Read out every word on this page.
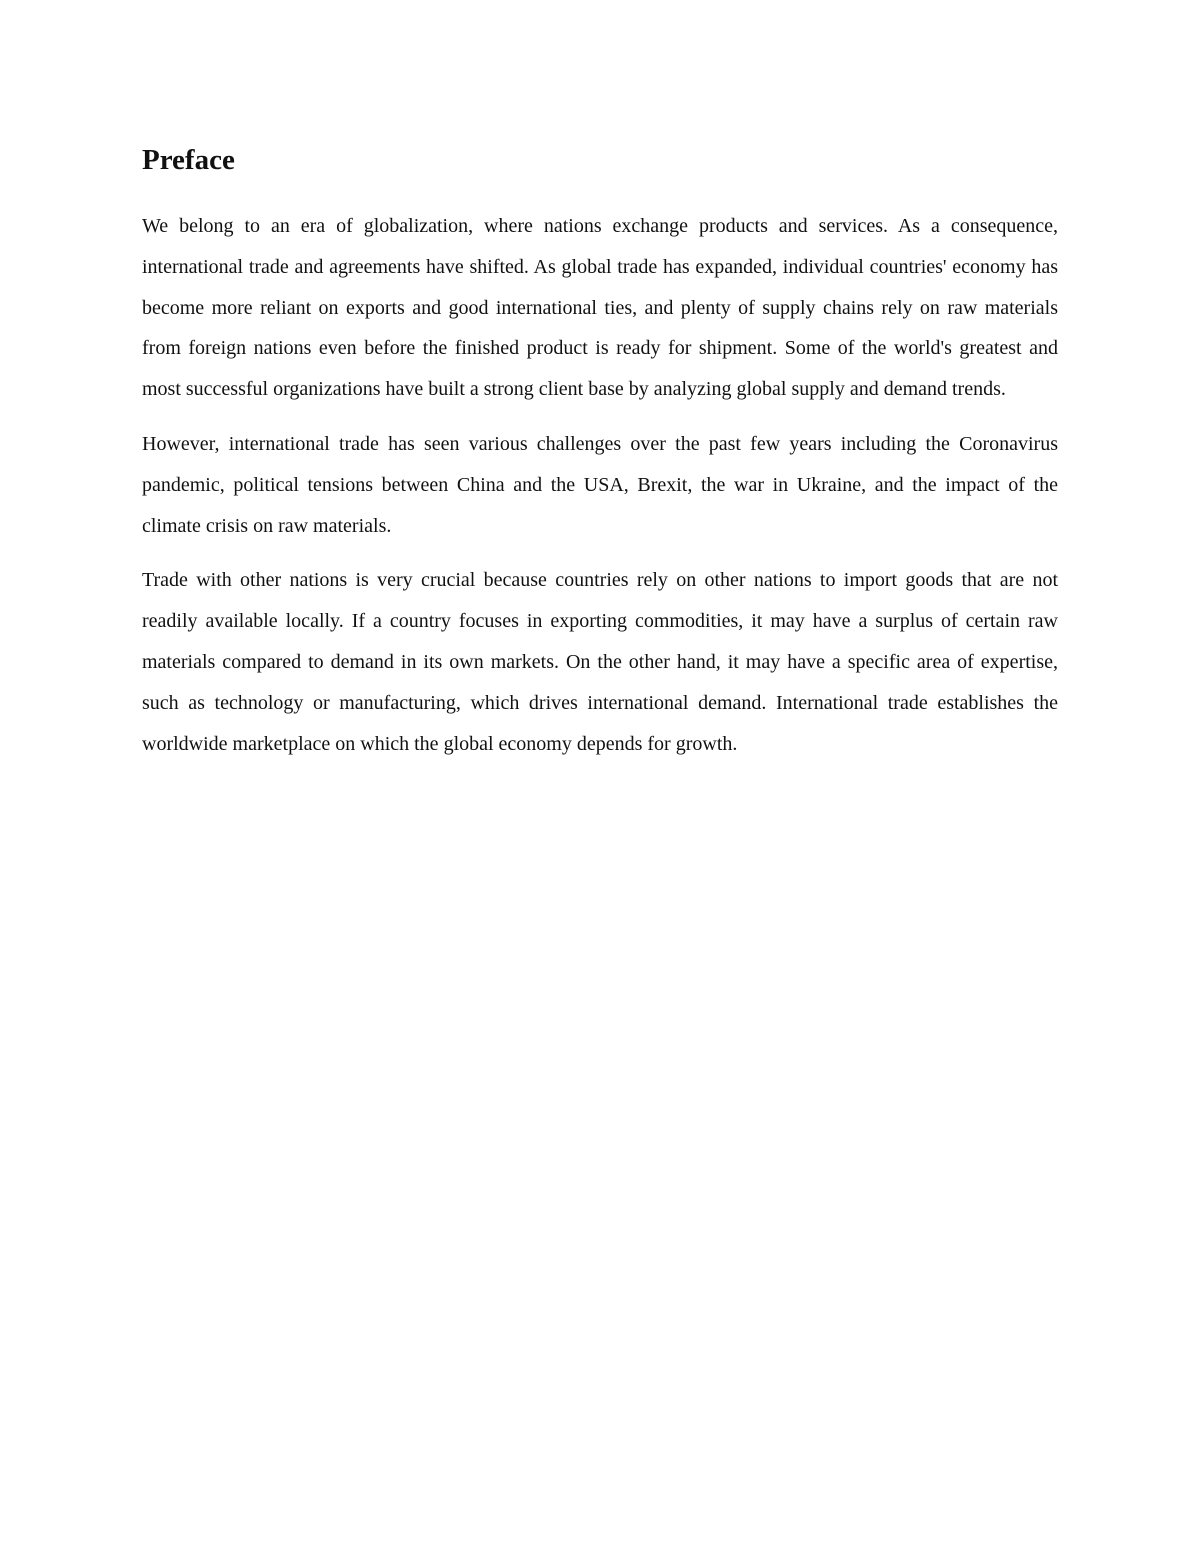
Preface

We belong to an era of globalization, where nations exchange products and services. As a consequence, international trade and agreements have shifted. As global trade has expanded, individual countries' economy has become more reliant on exports and good international ties, and plenty of supply chains rely on raw materials from foreign nations even before the finished product is ready for shipment. Some of the world's greatest and most successful organizations have built a strong client base by analyzing global supply and demand trends.

However, international trade has seen various challenges over the past few years including the Coronavirus pandemic, political tensions between China and the USA, Brexit, the war in Ukraine, and the impact of the climate crisis on raw materials.

Trade with other nations is very crucial because countries rely on other nations to import goods that are not readily available locally. If a country focuses in exporting commodities, it may have a surplus of certain raw materials compared to demand in its own markets. On the other hand, it may have a specific area of expertise, such as technology or manufacturing, which drives international demand. International trade establishes the worldwide marketplace on which the global economy depends for growth.
